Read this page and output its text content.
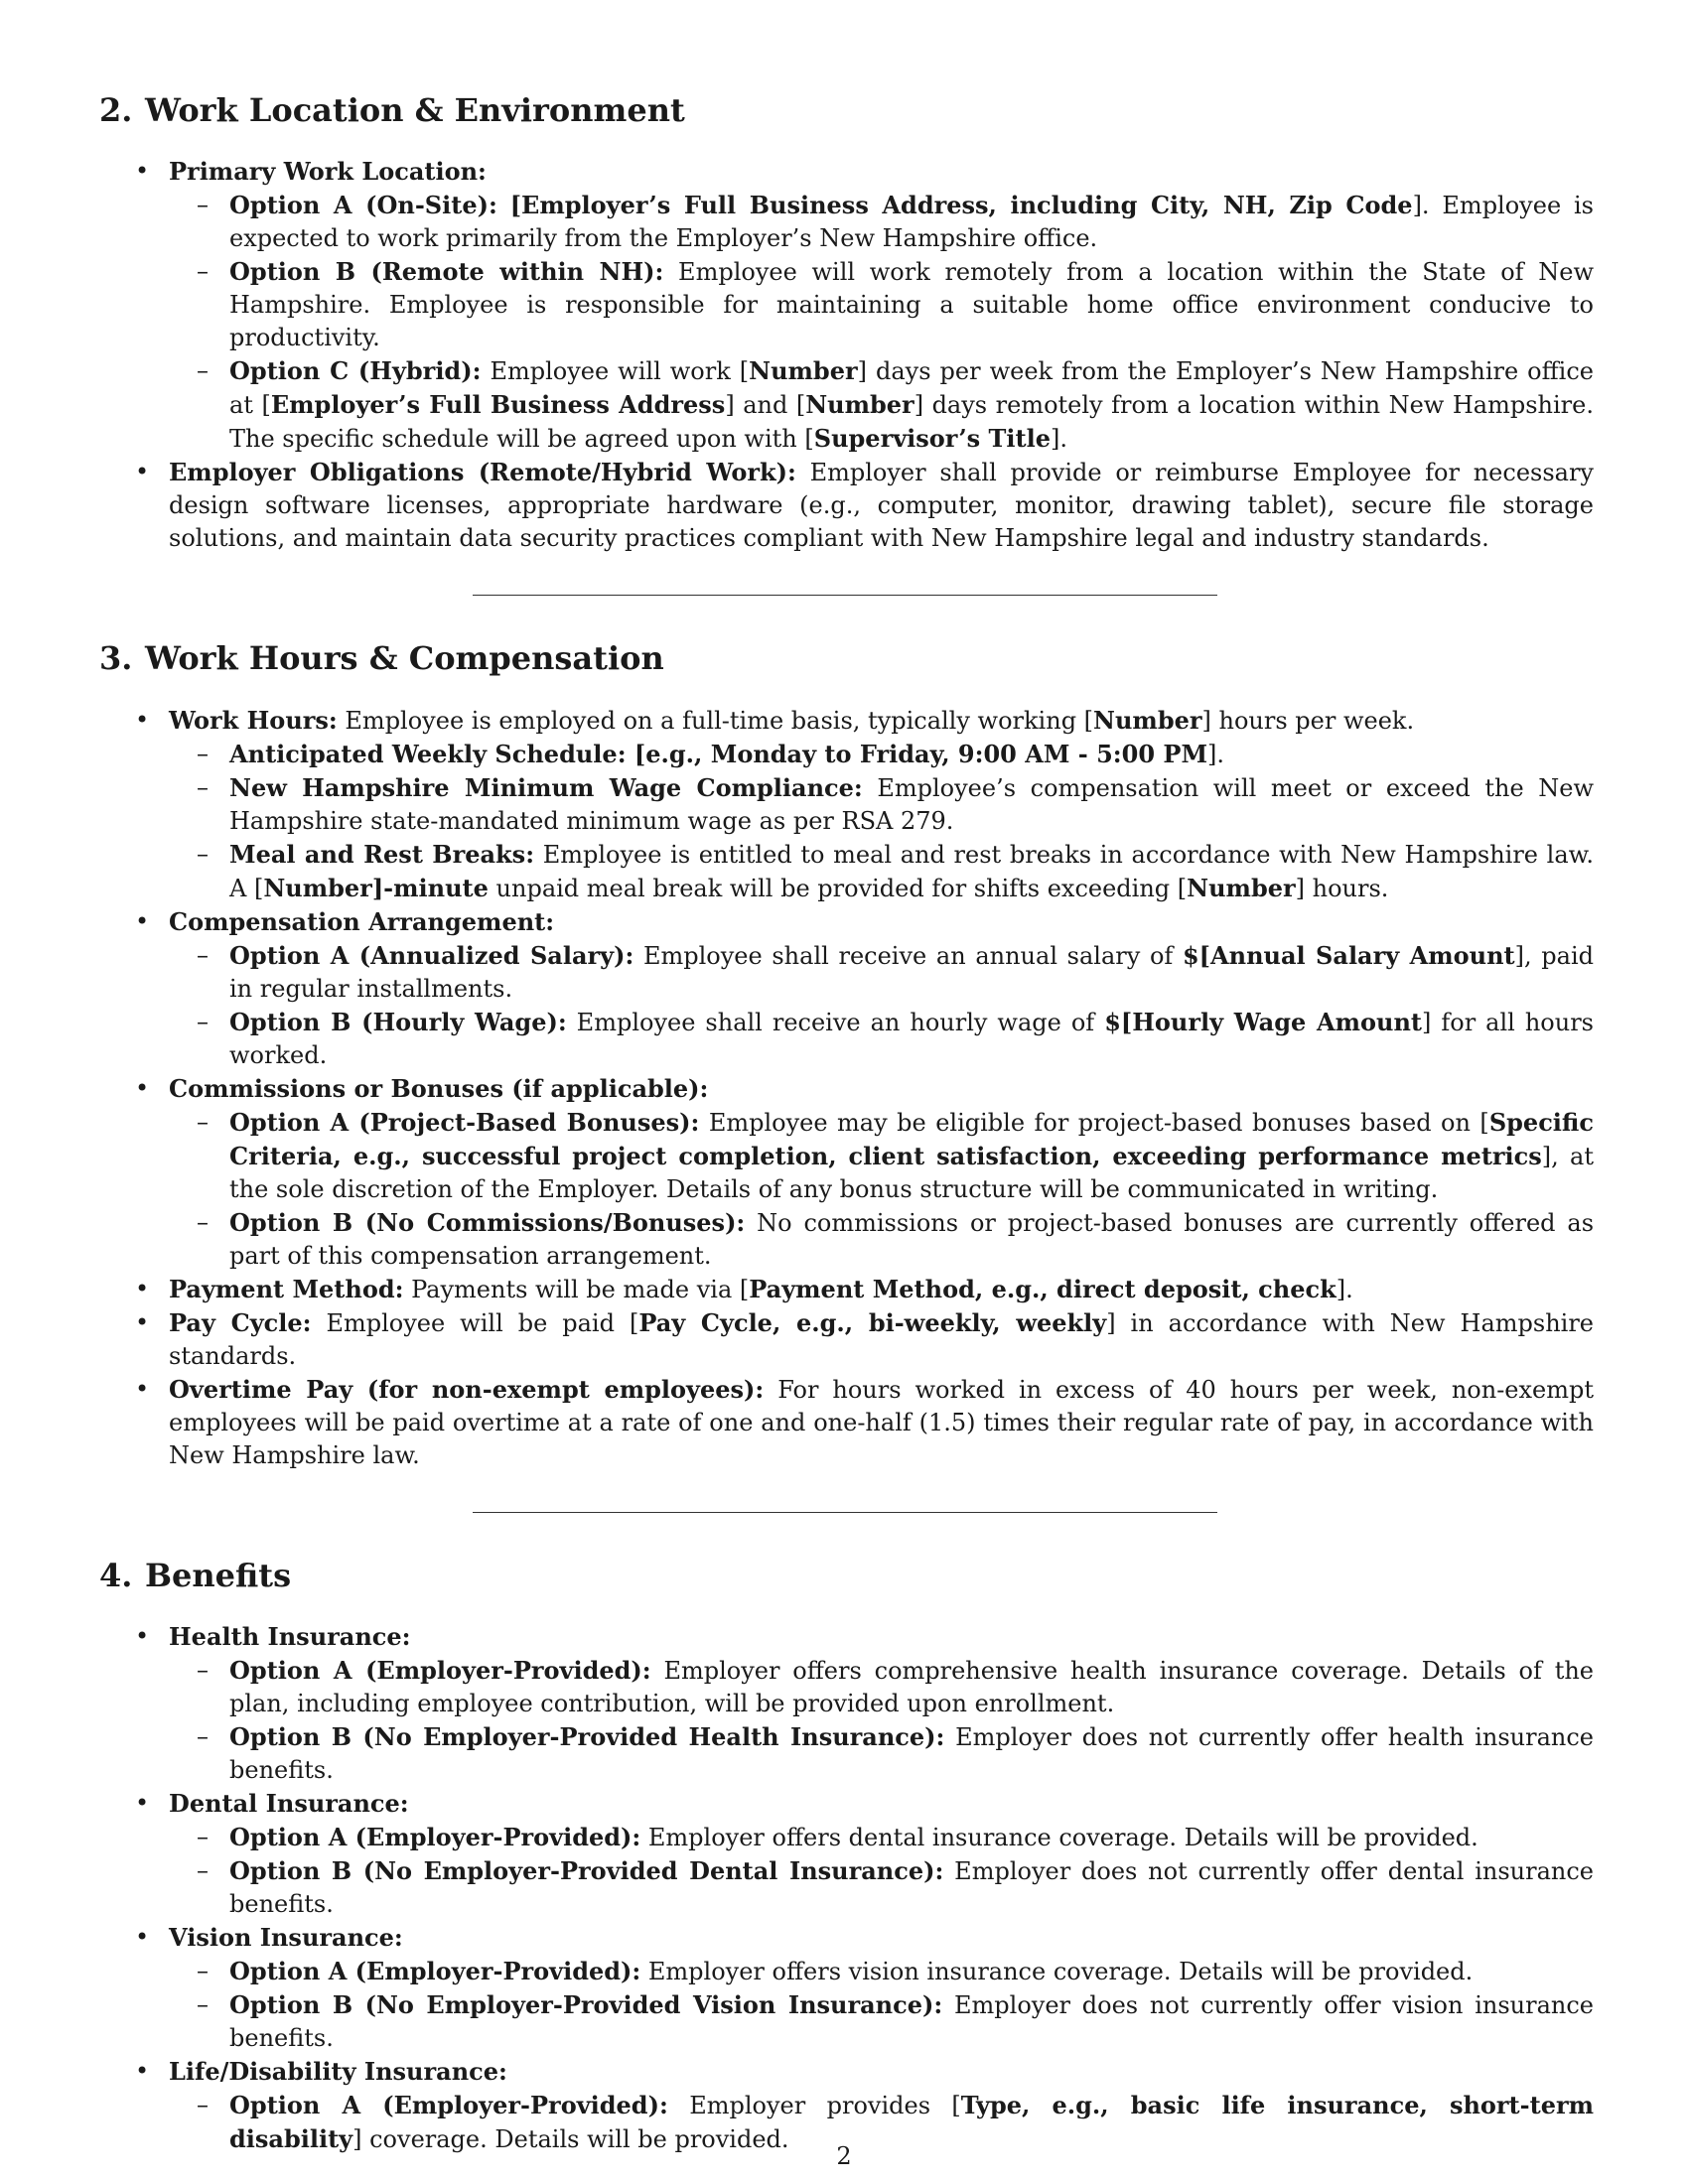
2. Work Location & Environment
• Primary Work Location:
– Option A (On-Site): [Employer’s Full Business Address, including City, NH, Zip Code]. Employee is expected to work primarily from the Employer’s New Hampshire office.
– Option B (Remote within NH): Employee will work remotely from a location within the State of New Hampshire. Employee is responsible for maintaining a suitable home office environment conducive to productivity.
– Option C (Hybrid): Employee will work [Number] days per week from the Employer’s New Hampshire office at [Employer’s Full Business Address] and [Number] days remotely from a location within New Hampshire. The specific schedule will be agreed upon with [Supervisor’s Title].
• Employer Obligations (Remote/Hybrid Work): Employer shall provide or reimburse Employee for necessary design software licenses, appropriate hardware (e.g., computer, monitor, drawing tablet), secure file storage solutions, and maintain data security practices compliant with New Hampshire legal and industry standards.
3. Work Hours & Compensation
• Work Hours: Employee is employed on a full-time basis, typically working [Number] hours per week.
– Anticipated Weekly Schedule: [e.g., Monday to Friday, 9:00 AM - 5:00 PM].
– New Hampshire Minimum Wage Compliance: Employee’s compensation will meet or exceed the New Hampshire state-mandated minimum wage as per RSA 279.
– Meal and Rest Breaks: Employee is entitled to meal and rest breaks in accordance with New Hampshire law. A [Number]-minute unpaid meal break will be provided for shifts exceeding [Number] hours.
• Compensation Arrangement:
– Option A (Annualized Salary): Employee shall receive an annual salary of $[Annual Salary Amount], paid in regular installments.
– Option B (Hourly Wage): Employee shall receive an hourly wage of $[Hourly Wage Amount] for all hours worked.
• Commissions or Bonuses (if applicable):
– Option A (Project-Based Bonuses): Employee may be eligible for project-based bonuses based on [Specific Criteria, e.g., successful project completion, client satisfaction, exceeding performance metrics], at the sole discretion of the Employer. Details of any bonus structure will be communicated in writing.
– Option B (No Commissions/Bonuses): No commissions or project-based bonuses are currently offered as part of this compensation arrangement.
• Payment Method: Payments will be made via [Payment Method, e.g., direct deposit, check].
• Pay Cycle: Employee will be paid [Pay Cycle, e.g., bi-weekly, weekly] in accordance with New Hampshire standards.
• Overtime Pay (for non-exempt employees): For hours worked in excess of 40 hours per week, non-exempt employees will be paid overtime at a rate of one and one-half (1.5) times their regular rate of pay, in accordance with New Hampshire law.
4. Benefits
• Health Insurance:
– Option A (Employer-Provided): Employer offers comprehensive health insurance coverage. Details of the plan, including employee contribution, will be provided upon enrollment.
– Option B (No Employer-Provided Health Insurance): Employer does not currently offer health insurance benefits.
• Dental Insurance:
– Option A (Employer-Provided): Employer offers dental insurance coverage. Details will be provided.
– Option B (No Employer-Provided Dental Insurance): Employer does not currently offer dental insurance benefits.
• Vision Insurance:
– Option A (Employer-Provided): Employer offers vision insurance coverage. Details will be provided.
– Option B (No Employer-Provided Vision Insurance): Employer does not currently offer vision insurance benefits.
• Life/Disability Insurance:
– Option A (Employer-Provided): Employer provides [Type, e.g., basic life insurance, short-term disability] coverage. Details will be provided.
2
